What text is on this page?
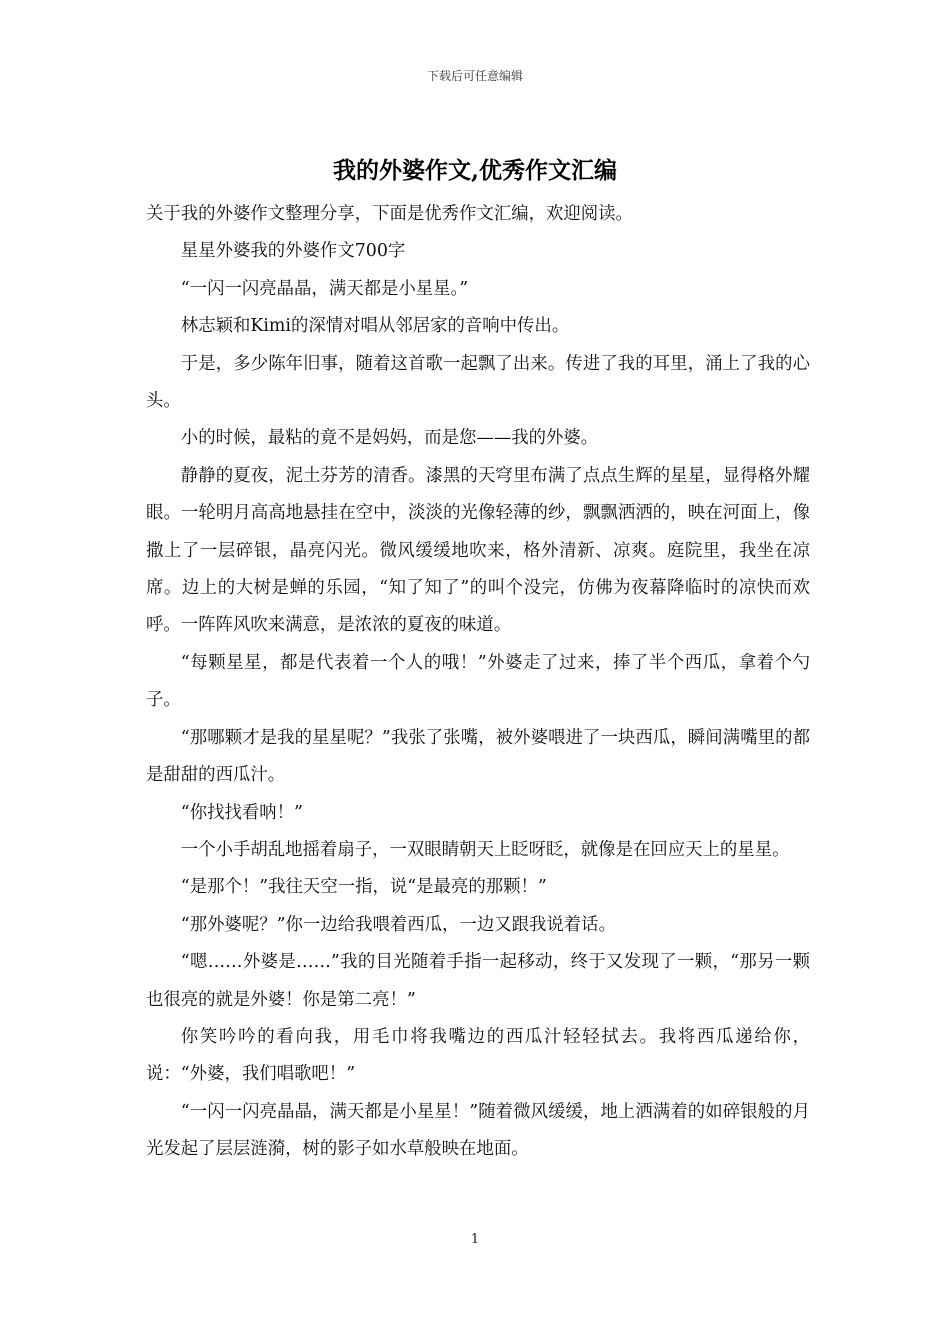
下载后可任意编辑
我的外婆作文,优秀作文汇编

关于我的外婆作文整理分享，下面是优秀作文汇编，欢迎阅读。

星星外婆我的外婆作文700字

“一闪一闪亮晶晶，满天都是小星星。”

林志颖和Kimi的深情对唱从邻居家的音响中传出。

于是，多少陈年旧事，随着这首歌一起飘了出来。传进了我的耳里，涌上了我的心头。

小的时候，最粘的竟不是妈妈，而是您——我的外婆。

静静的夏夜，泥土芬芳的清香。漆黑的天穹里布满了点点生辉的星星，显得格外耀眼。一轮明月高高地悬挂在空中，淡淡的光像轻薄的纱，飘飘洒洒的，映在河面上，像撒上了一层碎银，晶亮闪光。微风缓缓地吹来，格外清新、凉爽。庭院里，我坐在凉席。边上的大树是蝉的乐园，“知了知了”的叫个没完，仿佛为夜幕降临时的凉快而欢呼。一阵阵风吹来满意，是浓浓的夏夜的味道。

“每颗星星，都是代表着一个人的哦！”外婆走了过来，捧了半个西瓜，拿着个勺子。

“那哪颗才是我的星星呢？”我张了张嘴，被外婆喂进了一块西瓜，瞬间满嘴里的都是甜甜的西瓜汁。

“你找找看呐！”

一个小手胡乱地摇着扇子，一双眼睛朝天上眨呀眨，就像是在回应天上的星星。

“是那个！”我往天空一指，说“是最亮的那颗！”

“那外婆呢？”你一边给我喂着西瓜，一边又跟我说着话。

“嗯……外婆是……”我的目光随着手指一起移动，终于又发现了一颗，“那另一颗也很亮的就是外婆！你是第二亮！”

你笑吟吟的看向我，用毛巾将我嘴边的西瓜汁轻轻拭去。我将西瓜递给你，说：“外婆，我们唱歌吧！”

“一闪一闪亮晶晶，满天都是小星星！”随着微风缓缓，地上洒满着的如碎银般的月光发起了层层涟漪，树的影子如水草般映在地面。

1
